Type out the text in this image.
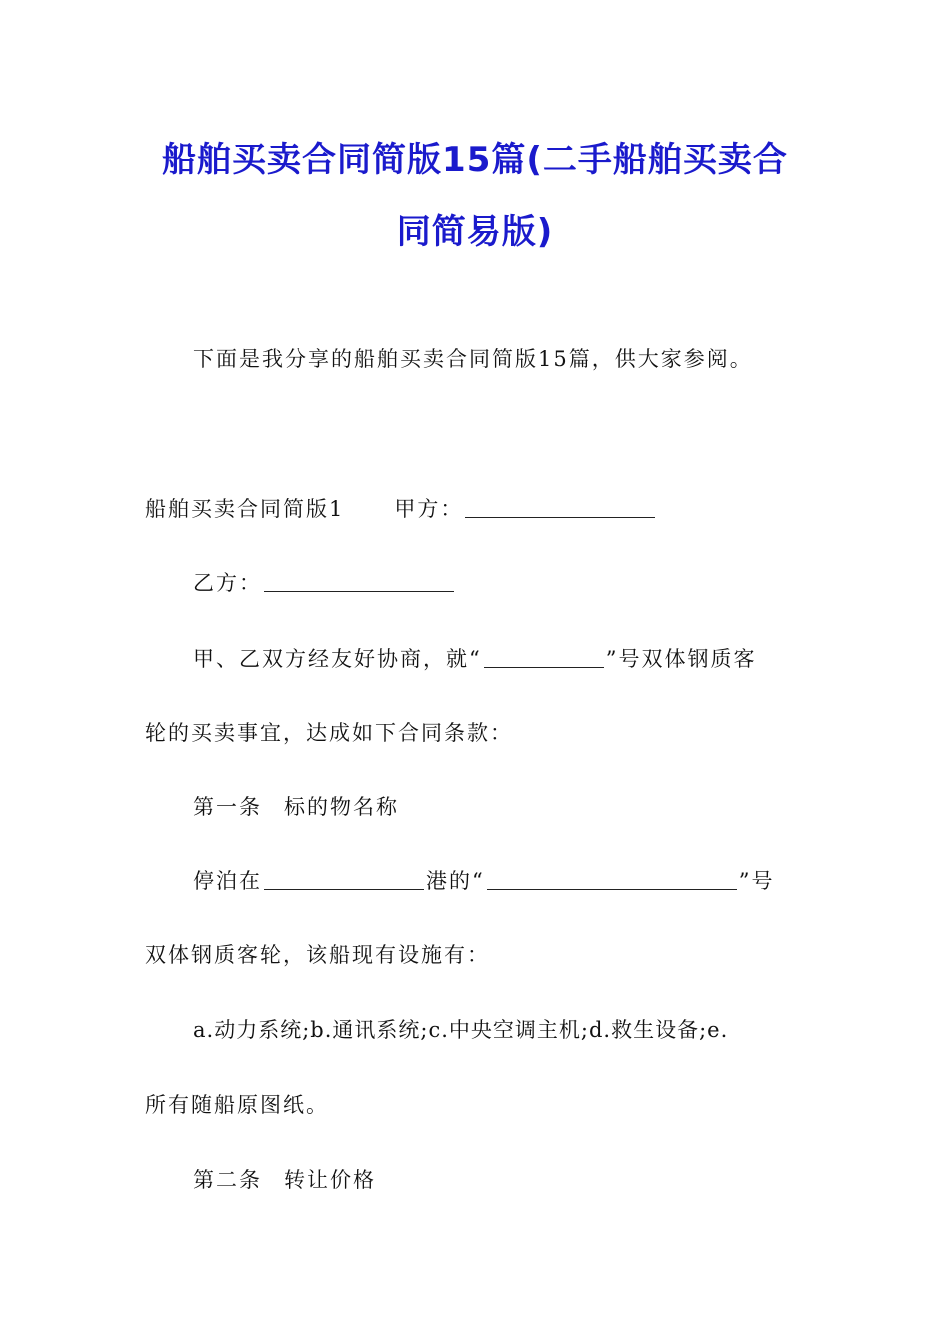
船舶买卖合同简版15篇(二手船舶买卖合
同简易版)
下面是我分享的船舶买卖合同简版15篇，供大家参阅。
船舶买卖合同简版1 甲方：
乙方：
甲、乙双方经友好协商，就“	”号双体钢质客
轮的买卖事宜，达成如下合同条款：
第一条 标的物名称
停泊在	港的“	”号
双体钢质客轮，该船现有设施有：
a.动力系统;b.通讯系统;c.中央空调主机;d.救生设备;e.
所有随船原图纸。
第二条 转让价格
